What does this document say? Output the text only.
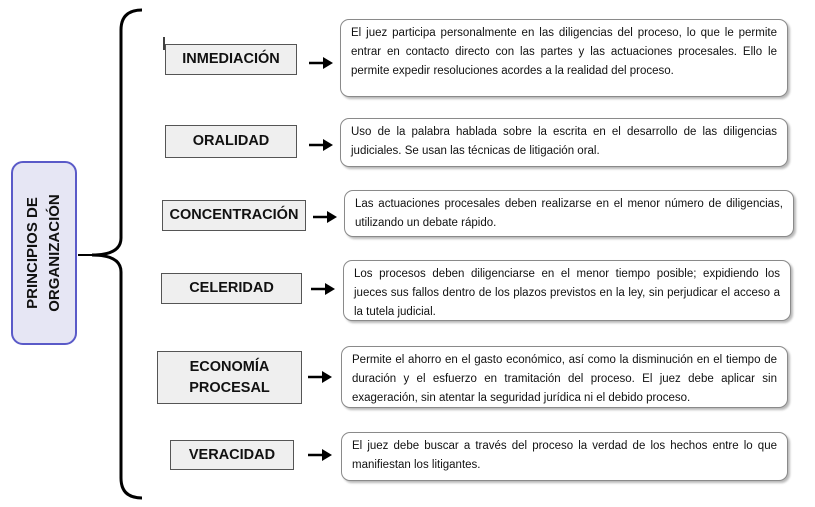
PRINCIPIOS DE
ORGANIZACIÓN
INMEDIACIÓN
ORALIDAD
CONCENTRACIÓN
CELERIDAD
ECONOMÍA
PROCESAL
VERACIDAD
El juez participa personalmente en las diligencias del proceso, lo que le permite entrar en contacto directo con las partes y las actuaciones procesales. Ello le permite expedir resoluciones acordes a la realidad del proceso.
Uso de la palabra hablada sobre la escrita en el desarrollo de las diligencias judiciales. Se usan las técnicas de litigación oral.
Las actuaciones procesales deben realizarse en el menor número de diligencias, utilizando un debate rápido.
Los procesos deben diligenciarse en el menor tiempo posible; expidiendo los jueces sus fallos dentro de los plazos previstos en la ley, sin perjudicar el acceso a la tutela judicial.
Permite el ahorro en el gasto económico, así como la disminución en el tiempo de duración y el esfuerzo en tramitación del proceso. El juez debe aplicar sin exageración, sin atentar la seguridad jurídica ni el debido proceso.
El juez debe buscar a través del proceso la verdad de los hechos entre lo que manifiestan los litigantes.
